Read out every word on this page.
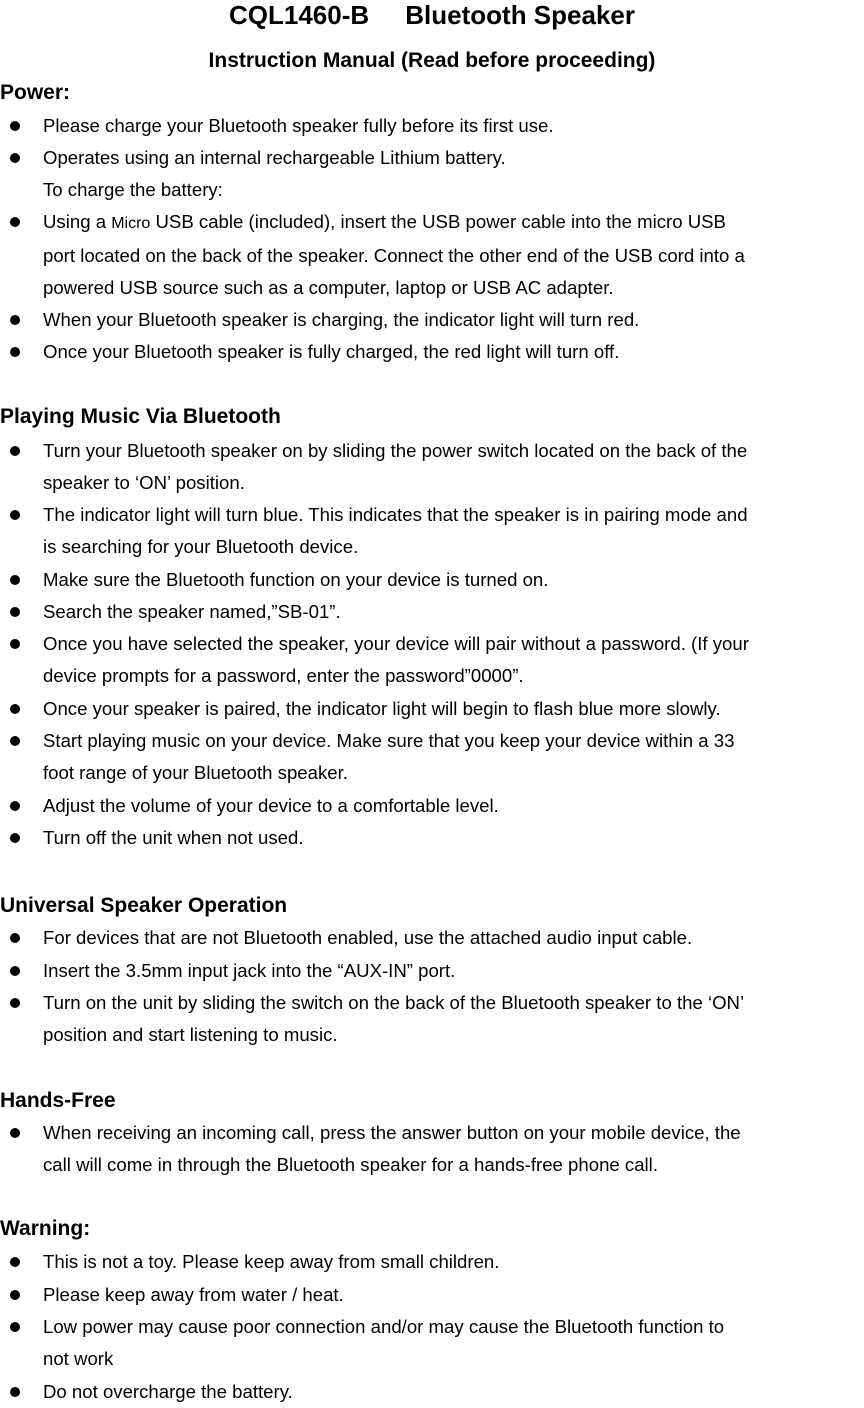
CQL1460-B Bluetooth Speaker
Instruction Manual (Read before proceeding)
Power:
Please charge your Bluetooth speaker fully before its first use.
Operates using an internal rechargeable Lithium battery.
To charge the battery:
Using a Micro USB cable (included), insert the USB power cable into the micro USB
port located on the back of the speaker. Connect the other end of the USB cord into a
powered USB source such as a computer, laptop or USB AC adapter.
When your Bluetooth speaker is charging, the indicator light will turn red.
Once your Bluetooth speaker is fully charged, the red light will turn off.
Playing Music Via Bluetooth
Turn your Bluetooth speaker on by sliding the power switch located on the back of the
speaker to ‘ON’ position.
The indicator light will turn blue. This indicates that the speaker is in pairing mode and
is searching for your Bluetooth device.
Make sure the Bluetooth function on your device is turned on.
Search the speaker named,”SB-01”.
Once you have selected the speaker, your device will pair without a password. (If your
device prompts for a password, enter the password”0000”.
Once your speaker is paired, the indicator light will begin to flash blue more slowly.
Start playing music on your device. Make sure that you keep your device within a 33
foot range of your Bluetooth speaker.
Adjust the volume of your device to a comfortable level.
Turn off the unit when not used.
Universal Speaker Operation
For devices that are not Bluetooth enabled, use the attached audio input cable.
Insert the 3.5mm input jack into the “AUX-IN” port.
Turn on the unit by sliding the switch on the back of the Bluetooth speaker to the ‘ON’
position and start listening to music.
Hands-Free
When receiving an incoming call, press the answer button on your mobile device, the
call will come in through the Bluetooth speaker for a hands-free phone call.
Warning:
This is not a toy. Please keep away from small children.
Please keep away from water / heat.
Low power may cause poor connection and/or may cause the Bluetooth function to
not work
Do not overcharge the battery.
